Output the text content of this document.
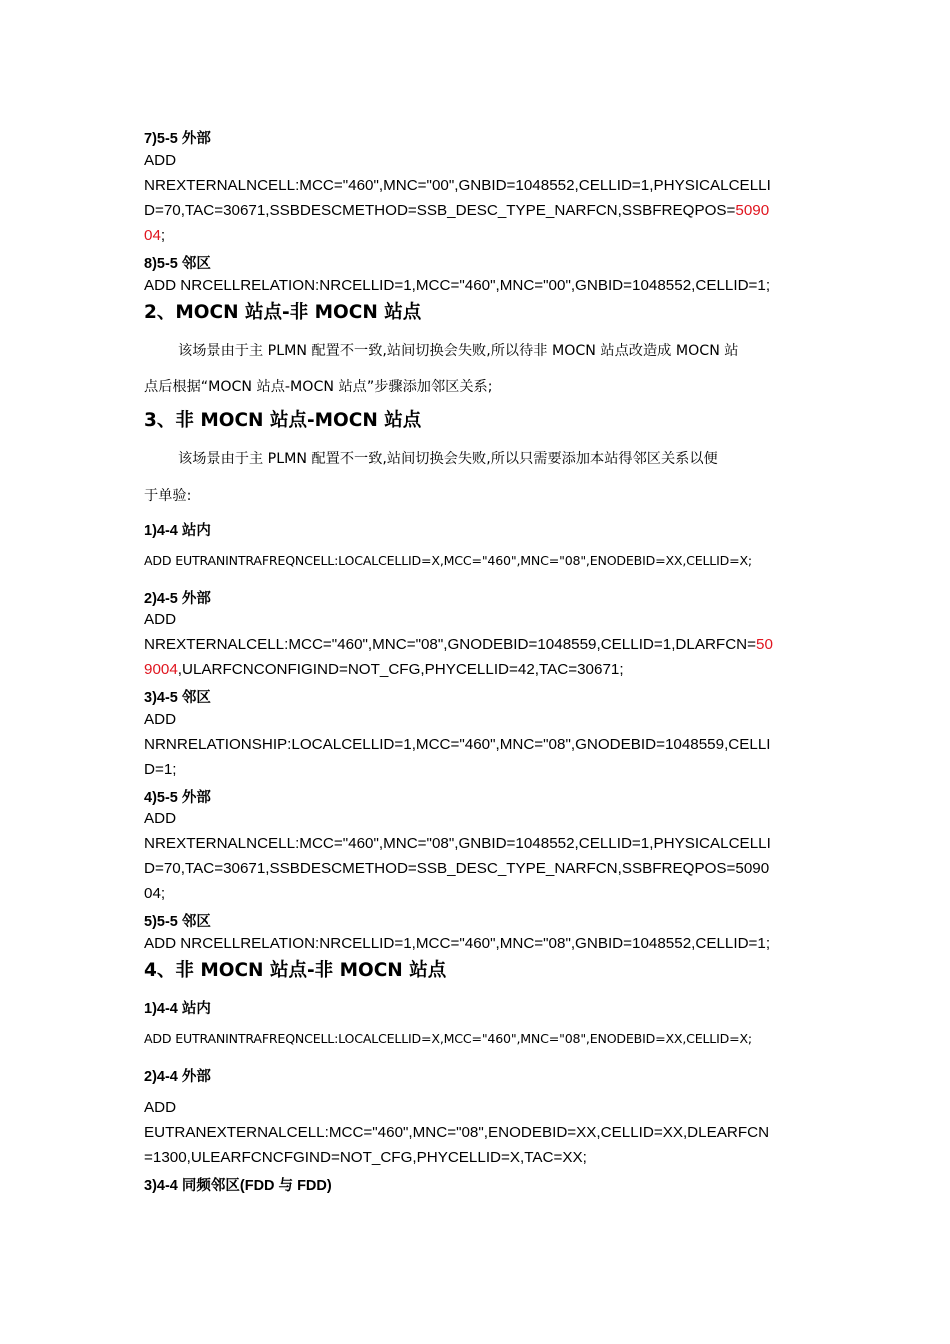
7)5-5 外部

ADD

NREXTERNALNCELL:MCC="460",MNC="00",GNBID=1048552,CELLID=1,PHYSICALCELLI

D=70,TAC=30671,SSBDESCMETHOD=SSB_DESC_TYPE_NARFCN,SSBFREQPOS=5090

04;

8)5-5 邻区

ADD NRCELLRELATION:NRCELLID=1,MCC="460",MNC="00",GNBID=1048552,CELLID=1;

2、MOCN 站点-非 MOCN 站点

该场景由于主 PLMN 配置不一致,站间切换会失败,所以待非 MOCN 站点改造成 MOCN 站

点后根据“MOCN 站点-MOCN 站点”步骤添加邻区关系;

3、非 MOCN 站点-MOCN 站点

该场景由于主 PLMN 配置不一致,站间切换会失败,所以只需要添加本站得邻区关系以便

于单验:

1)4-4 站内

ADD EUTRANINTRAFREQNCELL:LOCALCELLID=X,MCC="460",MNC="08",ENODEBID=XX,CELLID=X;

2)4-5 外部

ADD

NREXTERNALCELL:MCC="460",MNC="08",GNODEBID=1048559,CELLID=1,DLARFCN=50

9004,ULARFCNCONFIGIND=NOT_CFG,PHYCELLID=42,TAC=30671;

3)4-5 邻区

ADD

NRNRELATIONSHIP:LOCALCELLID=1,MCC="460",MNC="08",GNODEBID=1048559,CELLI

D=1;

4)5-5 外部

ADD

NREXTERNALNCELL:MCC="460",MNC="08",GNBID=1048552,CELLID=1,PHYSICALCELLI

D=70,TAC=30671,SSBDESCMETHOD=SSB_DESC_TYPE_NARFCN,SSBFREQPOS=5090

04;

5)5-5 邻区

ADD NRCELLRELATION:NRCELLID=1,MCC="460",MNC="08",GNBID=1048552,CELLID=1;

4、非 MOCN 站点-非 MOCN 站点

1)4-4 站内

ADD EUTRANINTRAFREQNCELL:LOCALCELLID=X,MCC="460",MNC="08",ENODEBID=XX,CELLID=X;

2)4-4 外部

ADD

EUTRANEXTERNALCELL:MCC="460",MNC="08",ENODEBID=XX,CELLID=XX,DLEARFCN

=1300,ULEARFCNCFGIND=NOT_CFG,PHYCELLID=X,TAC=XX;

3)4-4 同频邻区(FDD 与 FDD)
